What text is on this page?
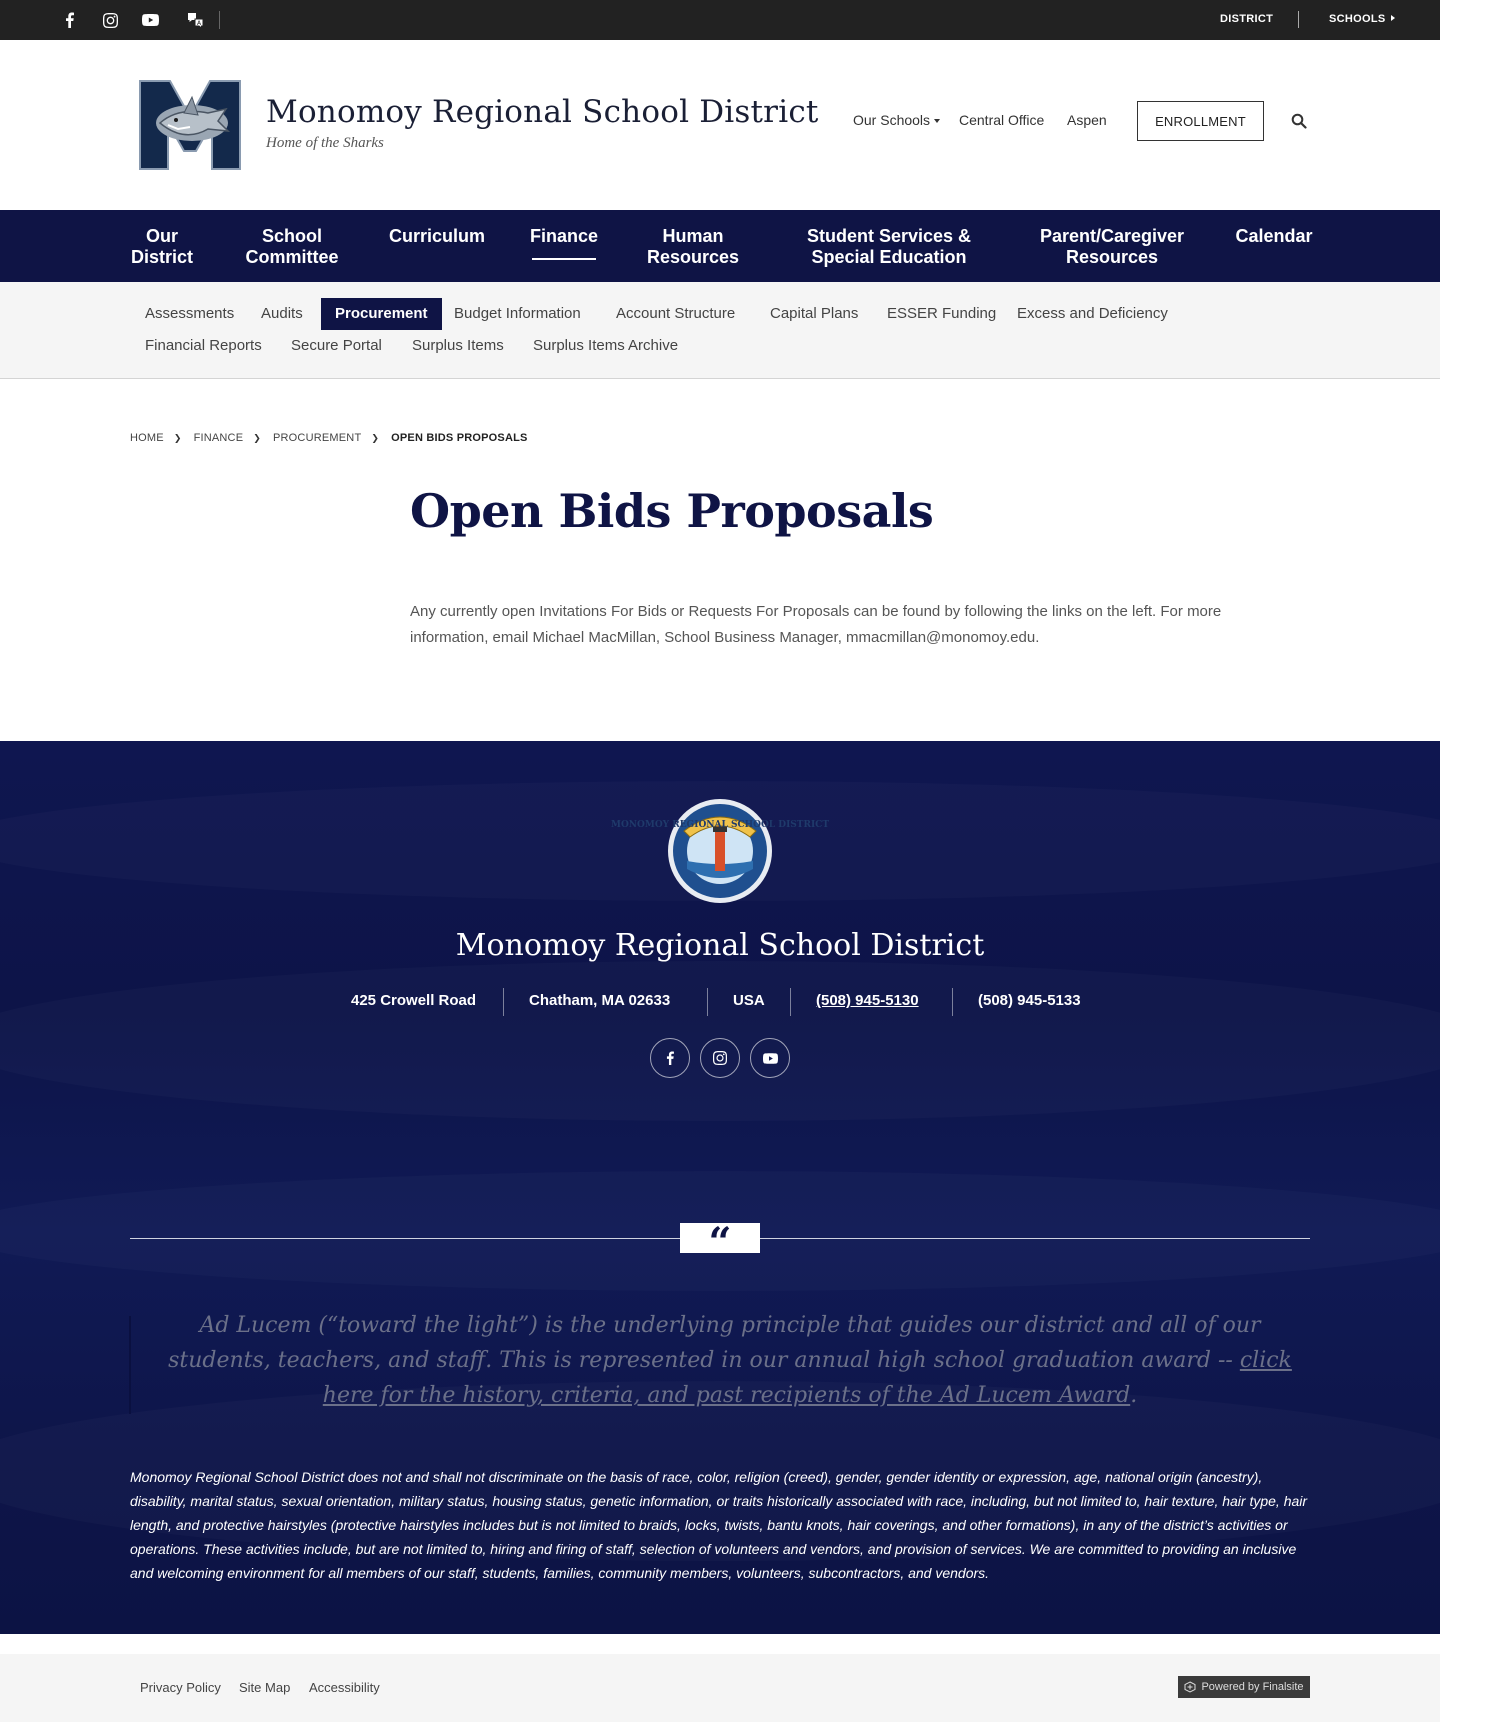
A	DISTRICT	SCHOOLS
Monomoy Regional School District
Home of the Sharks
Our Schools	Central Office Aspen	ENROLLMENT
Our
District
School
Committee
Curriculum	Finance	Human
Resources
Student Services &
Special Education
Parent/Caregiver
Resources
Calendar
Assessments	Audits	Procurement	Budget Information	Account Structure	Capital Plans	ESSER Funding	Excess and Deficiency
Financial Reports	Secure Portal	Surplus Items	Surplus Items Archive
HOME ❯ FINANCE ❯ PROCUREMENT ❯ OPEN BIDS PROPOSALS
Open Bids Proposals

Any currently open Invitations For Bids or Requests For Proposals can be found by following the links on the left. For more information, email Michael MacMillan, School Business Manager, mmacmillan@monomoy.edu.

MONOMOY REGIONAL SCHOOL DISTRICT
Monomoy Regional School District
425 Crowell Road	Chatham, MA 02633	USA	(508) 945-5130	(508) 945-5133
“

Ad Lucem (“toward the light”) is the underlying principle that guides our district and all of our students, teachers, and staff. This is represented in our annual high school graduation award -- click here for the history, criteria, and past recipients of the Ad Lucem Award.

Monomoy Regional School District does not and shall not discriminate on the basis of race, color, religion (creed), gender, gender identity or expression, age, national origin (ancestry), disability, marital status, sexual orientation, military status, housing status, genetic information, or traits historically associated with race, including, but not limited to, hair texture, hair type, hair length, and protective hairstyles (protective hairstyles includes but is not limited to braids, locks, twists, bantu knots, hair coverings, and other formations), in any of the district’s activities or operations. These activities include, but are not limited to, hiring and firing of staff, selection of volunteers and vendors, and provision of services. We are committed to providing an inclusive and welcoming environment for all members of our staff, students, families, community members, volunteers, subcontractors, and vendors.

Privacy Policy Site Map Accessibility	Powered by Finalsite
